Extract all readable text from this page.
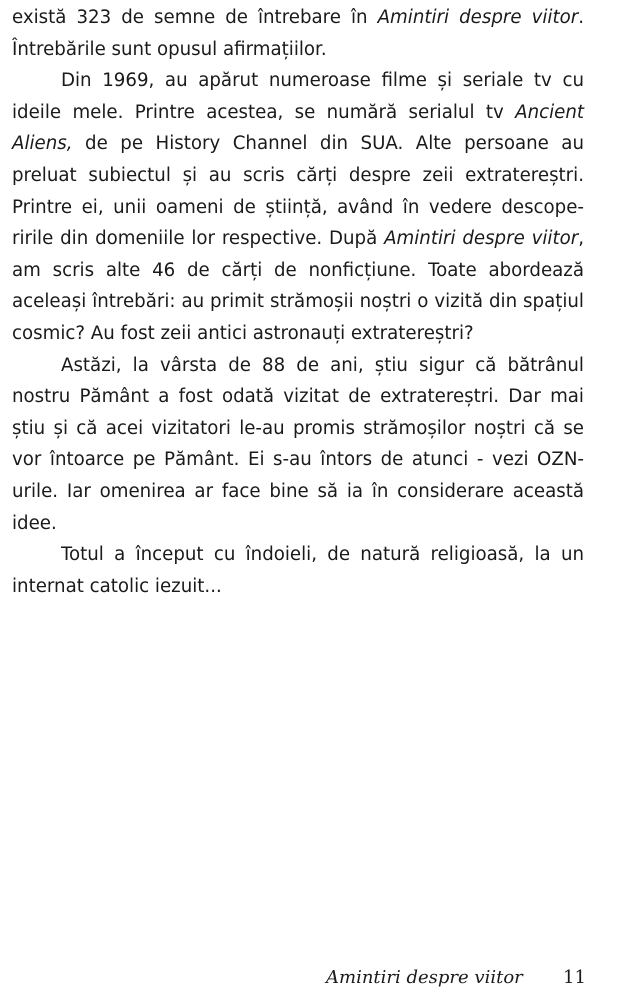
există 323 de semne de întrebare în Amintiri despre viitor. Întrebările sunt opusul afirmațiilor.

Din 1969, au apărut numeroase filme și seriale tv cu ideile mele. Printre acestea, se numără serialul tv Ancient Aliens, de pe History Channel din SUA. Alte persoane au preluat subiectul și au scris cărți despre zeii extratereștri. Printre ei, unii oameni de știință, având în vedere descoperirile din domeniile lor respective. După Amintiri despre viitor, am scris alte 46 de cărți de nonficțiune. Toate abordează aceleași întrebări: au primit strămoșii noștri o vizită din spațiul cosmic? Au fost zeii antici astronauți extratereștri?

Astăzi, la vârsta de 88 de ani, știu sigur că bătrânul nostru Pământ a fost odată vizitat de extratereștri. Dar mai știu și că acei vizitatori le-au promis strămoșilor noștri că se vor întoarce pe Pământ. Ei s-au întors de atunci - vezi OZN-urile. Iar omenirea ar face bine să ia în considerare această idee.

Totul a început cu îndoieli, de natură religioasă, la un internat catolic iezuit...

Amintiri despre viitor 11
